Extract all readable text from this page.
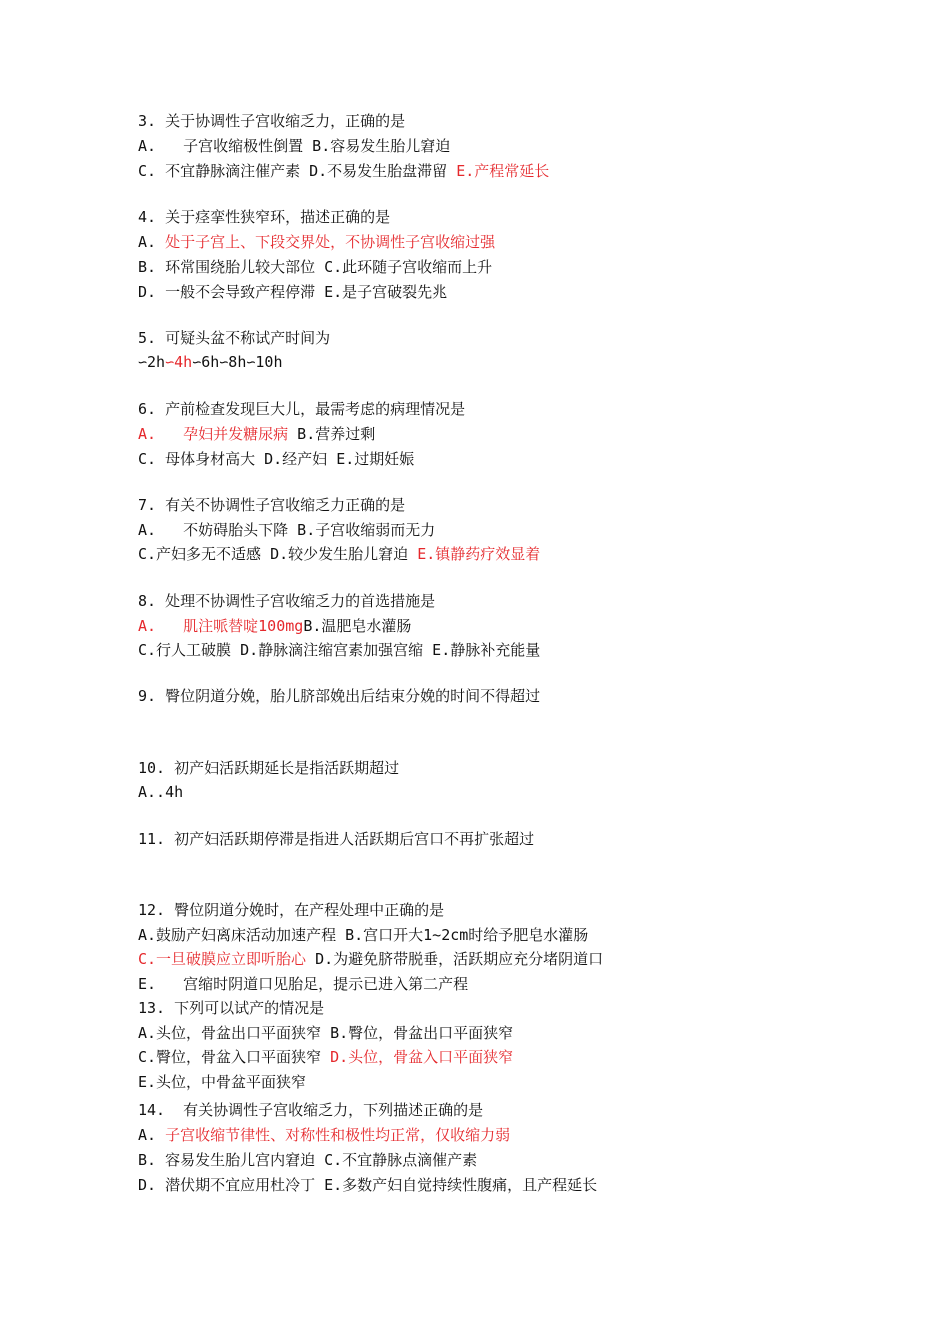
3. 关于协调性子宫收缩乏力，正确的是
A.   子宫收缩极性倒置 B.容易发生胎儿窘迫
C. 不宜静脉滴注催产素 D.不易发生胎盘滞留 E.产程常延长
4. 关于痉挛性狭窄环，描述正确的是
A. 处于子宫上、下段交界处，不协调性子宫收缩过强
B. 环常围绕胎儿较大部位 C.此环随子宫收缩而上升
D. 一般不会导致产程停滞 E.是子宫破裂先兆
5. 可疑头盆不称试产时间为
∽2h∽4h∽6h∽8h∽10h
6. 产前检查发现巨大儿，最需考虑的病理情况是
A.   孕妇并发糖尿病 B.营养过剩
C. 母体身材高大 D.经产妇 E.过期妊娠
7. 有关不协调性子宫收缩乏力正确的是
A.   不妨碍胎头下降 B.子宫收缩弱而无力
C.产妇多无不适感 D.较少发生胎儿窘迫 E.镇静药疗效显着
8. 处理不协调性子宫收缩乏力的首选措施是
A.   肌注哌替啶100mgB.温肥皂水灌肠
C.行人工破膜 D.静脉滴注缩宫素加强宫缩 E.静脉补充能量
9. 臀位阴道分娩，胎儿脐部娩出后结束分娩的时间不得超过
10. 初产妇活跃期延长是指活跃期超过
A..4h
11. 初产妇活跃期停滞是指进人活跃期后宫口不再扩张超过
12. 臀位阴道分娩时，在产程处理中正确的是
A.鼓励产妇离床活动加速产程 B.宫口开大1~2cm时给予肥皂水灌肠
C.一旦破膜应立即听胎心 D.为避免脐带脱垂，活跃期应充分堵阴道口
E.   宫缩时阴道口见胎足，提示已进入第二产程
13. 下列可以试产的情况是
A.头位，骨盆出口平面狭窄 B.臀位，骨盆出口平面狭窄
C.臀位，骨盆入口平面狭窄 D.头位，骨盆入口平面狭窄
E.头位，中骨盆平面狭窄
14.  有关协调性子宫收缩乏力，下列描述正确的是
A. 子宫收缩节律性、对称性和极性均正常，仅收缩力弱
B. 容易发生胎儿宫内窘迫 C.不宜静脉点滴催产素
D. 潜伏期不宜应用杜冷丁 E.多数产妇自觉持续性腹痛，且产程延长
